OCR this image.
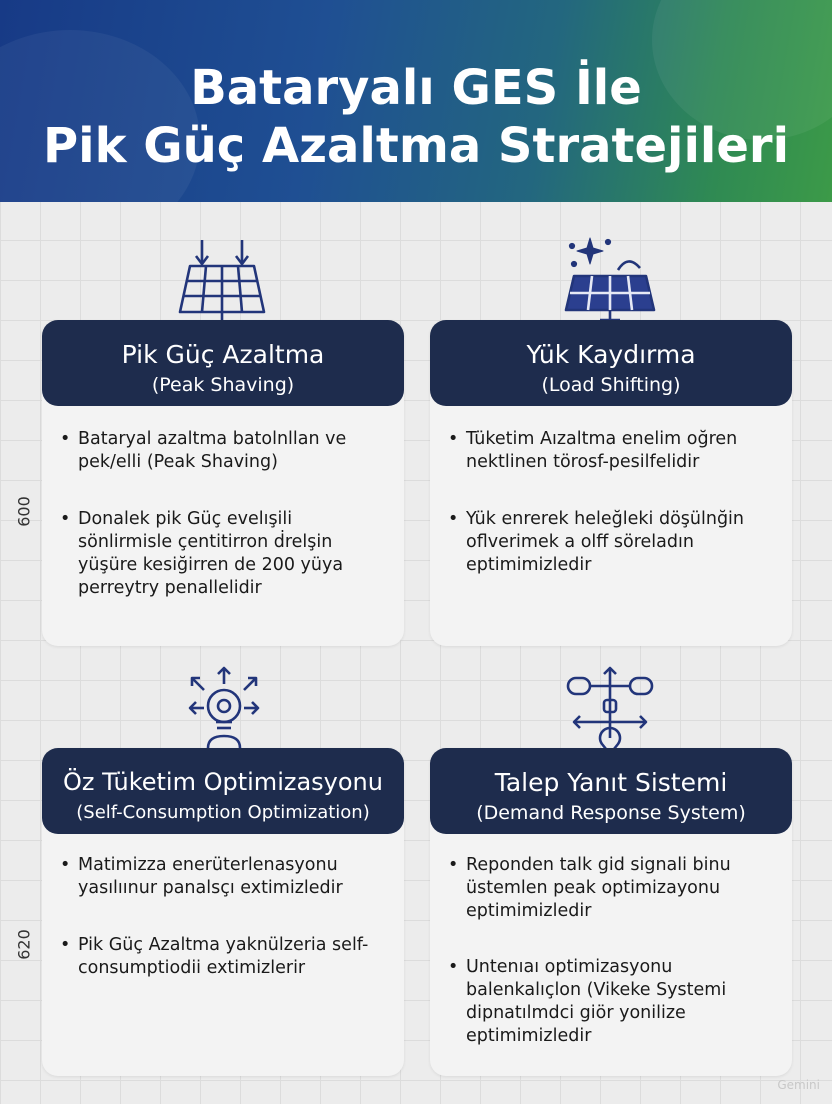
Bataryalı GES İle
Pik Güç Azaltma Stratejileri
600
620
Pik Güç Azaltma
(Peak Shaving)
• Bataryal azaltma batolnllan ve pek/elli (Peak Shaving)
• Donalek pik Güç evelışili sönlirmisle çentitirron ḋrelşin yüşüre kesiğirren de 200 yüya perreytry penallelidir
Yük Kaydırma
(Load Shifting)
• Tüketim Aızaltma enelim oğren nektlinen törosf-pesilfelidir
• Yük enrerek heleğleki döşülnğin oflverimek a olff söreladın eptimimizledir
Öz Tüketim Optimizasyonu
(Self-Consumption Optimization)
• Matimizza enerüterlenasyonu yasılıınur panalsçı extimizledir
• Pik Güç Azaltma yaknülzeria self-consumptiodii extimizlerir
Talep Yanıt Sistemi
(Demand Response System)
• Reponden talk gid signali binu üstemlen peak optimizayonu eptimimizledir
• Untenıaı optimizasyonu balenkalıçlon (Vikeke Systemi dipnatılmdci giör yonilize eptimimizledir
Gemini
